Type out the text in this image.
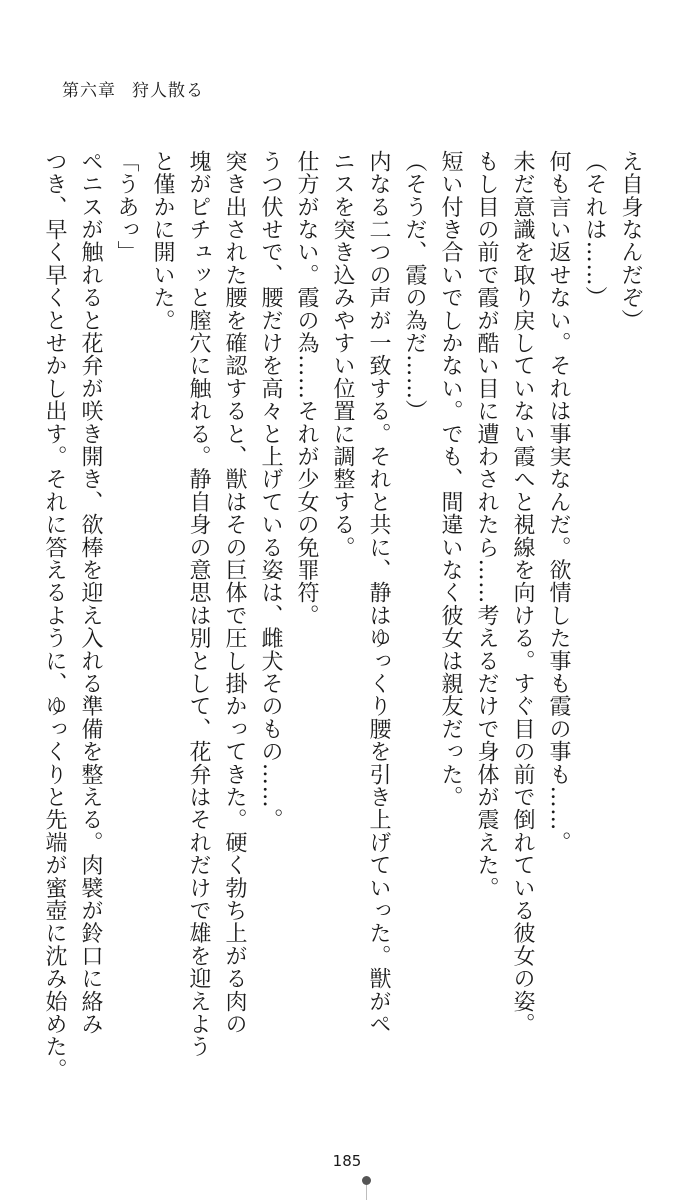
第六章 狩人散る
え自身なんだぞ）
（それは……）
何も言い返せない。それは事実なんだ。欲情した事も霞の事も……。
未だ意識を取り戻していない霞へと視線を向ける。すぐ目の前で倒れている彼女の姿。
もし目の前で霞が酷い目に遭わされたら……考えるだけで身体が震えた。
短い付き合いでしかない。でも、間違いなく彼女は親友だった。
（そうだ、霞の為だ……）
内なる二つの声が一致する。それと共に、静はゆっくり腰を引き上げていった。獣がペ
ニスを突き込みやすい位置に調整する。
仕方がない。霞の為……それが少女の免罪符。
うつ伏せで、腰だけを高々と上げている姿は、雌犬そのもの……。
突き出された腰を確認すると、獣はその巨体で圧し掛かってきた。硬く勃ち上がる肉の
塊がピチュッと膣穴に触れる。静自身の意思は別として、花弁はそれだけで雄を迎えよう
と僅かに開いた。
「うあっ」
ペニスが触れると花弁が咲き開き、欲棒を迎え入れる準備を整える。肉襞が鈴口に絡み
つき、早く早くとせかし出す。それに答えるように、ゆっくりと先端が蜜壺に沈み始めた。
185
